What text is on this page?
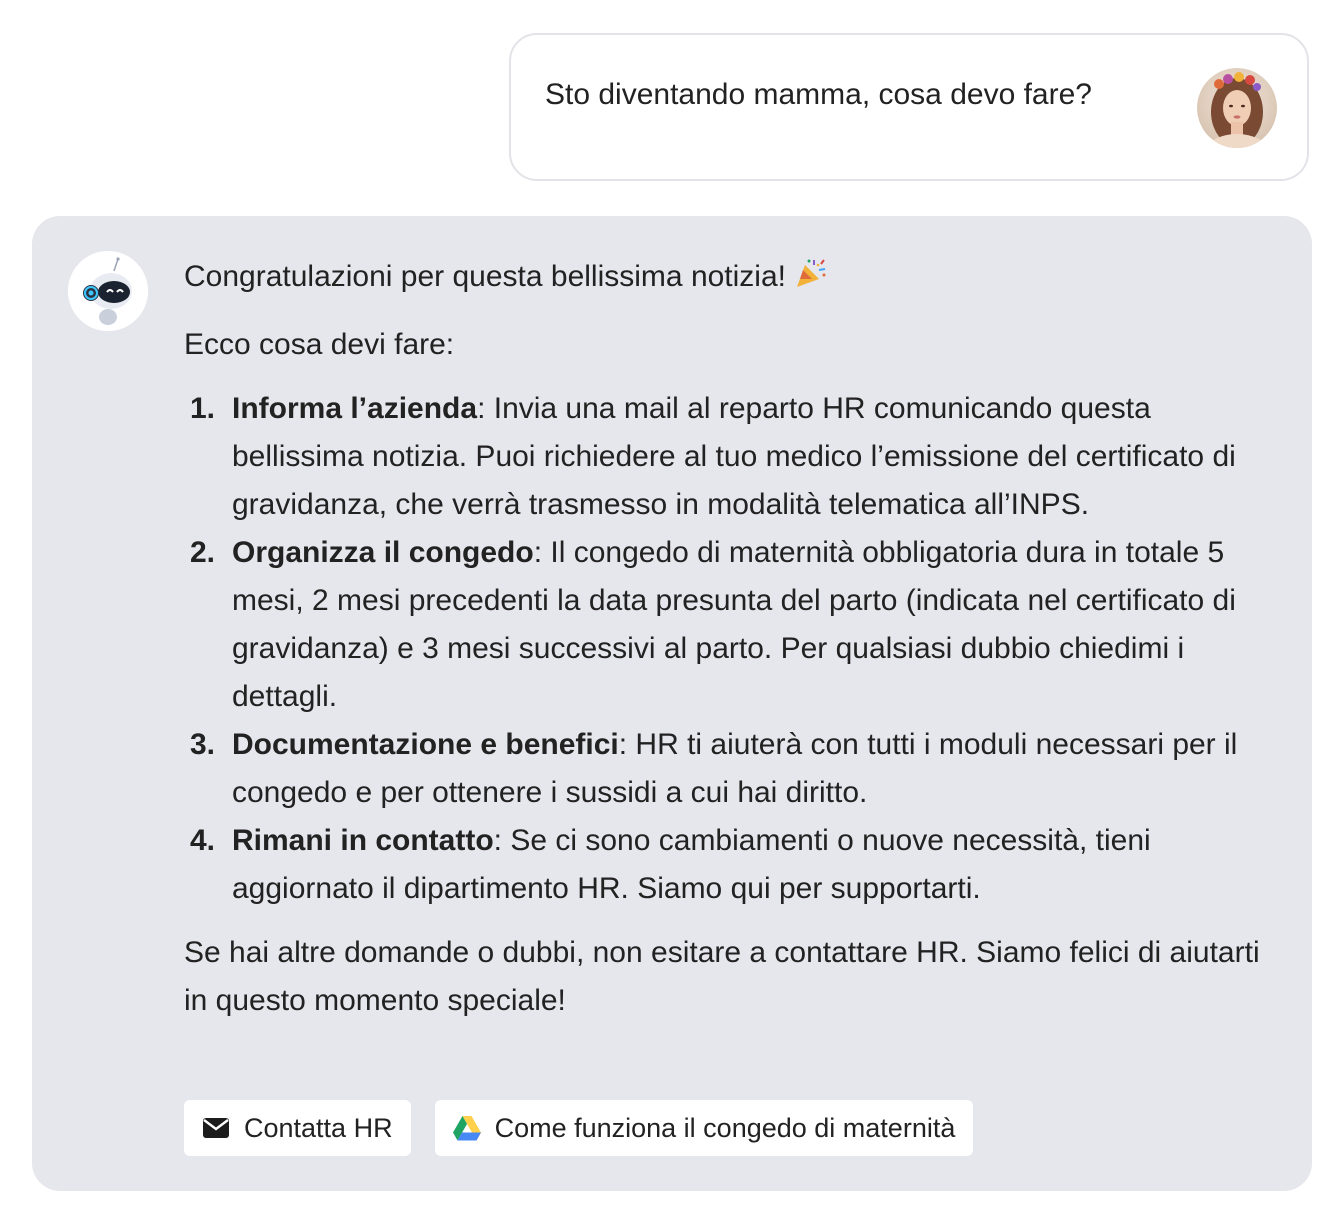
Sto diventando mamma, cosa devo fare?

Congratulazioni per questa bellissima notizia!

Ecco cosa devi fare:

1. Informa l’azienda: Invia una mail al reparto HR comunicando questa bellissima notizia. Puoi richiedere al tuo medico l’emissione del certificato di gravidanza, che verrà trasmesso in modalità telematica all’INPS.
2. Organizza il congedo: Il congedo di maternità obbligatoria dura in totale 5 mesi, 2 mesi precedenti la data presunta del parto (indicata nel certificato di gravidanza) e 3 mesi successivi al parto. Per qualsiasi dubbio chiedimi i dettagli.
3. Documentazione e benefici: HR ti aiuterà con tutti i moduli necessari per il congedo e per ottenere i sussidi a cui hai diritto.
4. Rimani in contatto: Se ci sono cambiamenti o nuove necessità, tieni aggiornato il dipartimento HR. Siamo qui per supportarti.

Se hai altre domande o dubbi, non esitare a contattare HR. Siamo felici di aiutarti in questo momento speciale!

Contatta HR	Come funziona il congedo di maternità
